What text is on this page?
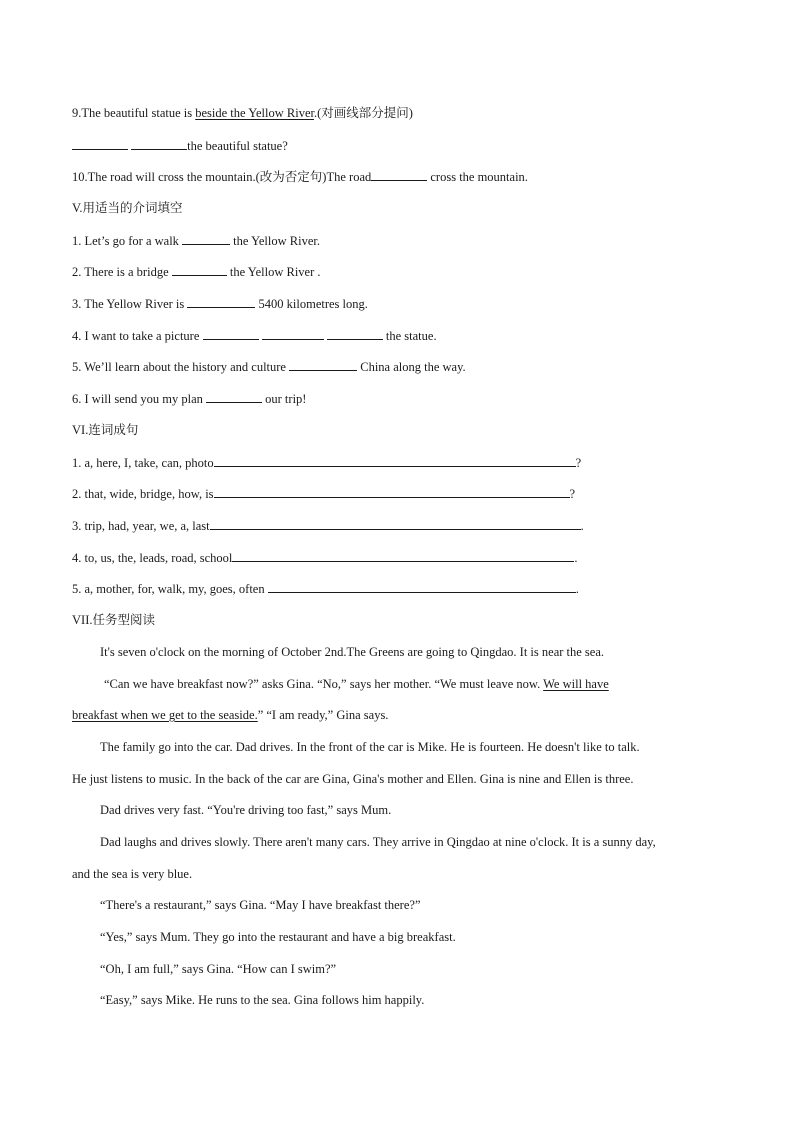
9.The beautiful statue is beside the Yellow River.(对画线部分提问)
the beautiful statue?
10.The road will cross the mountain.(改为否定句)The road	cross the mountain.
V.用适当的介词填空
1. Let’s go for a walk	the Yellow River.
2. There is a bridge	the Yellow River .
3. The Yellow River is	5400 kilometres long.
4. I want to take a picture	the statue.
5. We’ll learn about the history and culture	China along the way.
6. I will send you my plan	our trip!
VI.连词成句
1. a, here, I, take, can, photo	?
2. that, wide, bridge, how, is	?
3. trip, had, year, we, a, last	.
4. to, us, the, leads, road, school	.
5. a, mother, for, walk, my, goes, often	.
VII.任务型阅读
It's seven o'clock on the morning of October 2nd.The Greens are going to Qingdao. It is near the sea.
“Can we have breakfast now?” asks Gina. “No,” says her mother. “We must leave now. We will have
breakfast when we get to the seaside.” “I am ready,” Gina says.
The family go into the car. Dad drives. In the front of the car is Mike. He is fourteen. He doesn't like to talk.
He just listens to music. In the back of the car are Gina, Gina's mother and Ellen. Gina is nine and Ellen is three.
Dad drives very fast. “You're driving too fast,” says Mum.
Dad laughs and drives slowly. There aren't many cars. They arrive in Qingdao at nine o'clock. It is a sunny day,
and the sea is very blue.
“There's a restaurant,” says Gina. “May I have breakfast there?”
“Yes,” says Mum. They go into the restaurant and have a big breakfast.
“Oh, I am full,” says Gina. “How can I swim?”
“Easy,” says Mike. He runs to the sea. Gina follows him happily.
